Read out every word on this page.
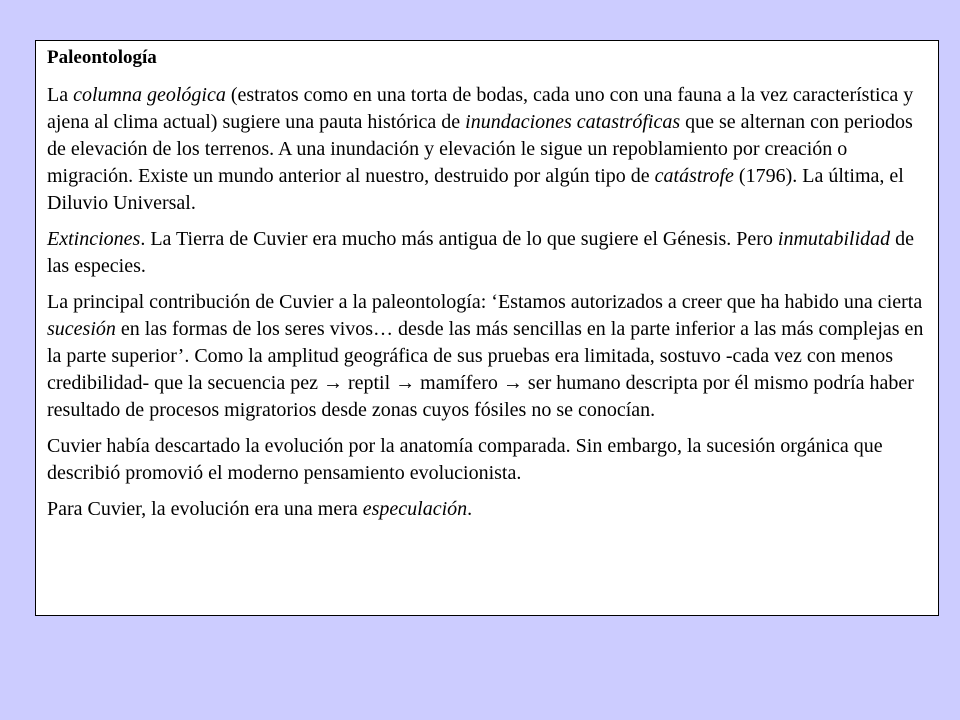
Paleontología

La columna geológica (estratos como en una torta de bodas, cada uno con una fauna a la vez característica y ajena al clima actual) sugiere una pauta histórica de inundaciones catastróficas que se alternan con periodos de elevación de los terrenos. A una inundación y elevación le sigue un repoblamiento por creación o migración. Existe un mundo anterior al nuestro, destruido por algún tipo de catástrofe (1796). La última, el Diluvio Universal.

Extinciones. La Tierra de Cuvier era mucho más antigua de lo que sugiere el Génesis. Pero inmutabilidad de las especies.

La principal contribución de Cuvier a la paleontología: ‘Estamos autorizados a creer que ha habido una cierta sucesión en las formas de los seres vivos… desde las más sencillas en la parte inferior a las más complejas en la parte superior’. Como la amplitud geográfica de sus pruebas era limitada, sostuvo -cada vez con menos credibilidad- que la secuencia pez → reptil → mamífero → ser humano descripta por él mismo podría haber resultado de procesos migratorios desde zonas cuyos fósiles no se conocían.

Cuvier había descartado la evolución por la anatomía comparada. Sin embargo, la sucesión orgánica que describió promovió el moderno pensamiento evolucionista.

Para Cuvier, la evolución era una mera especulación.
